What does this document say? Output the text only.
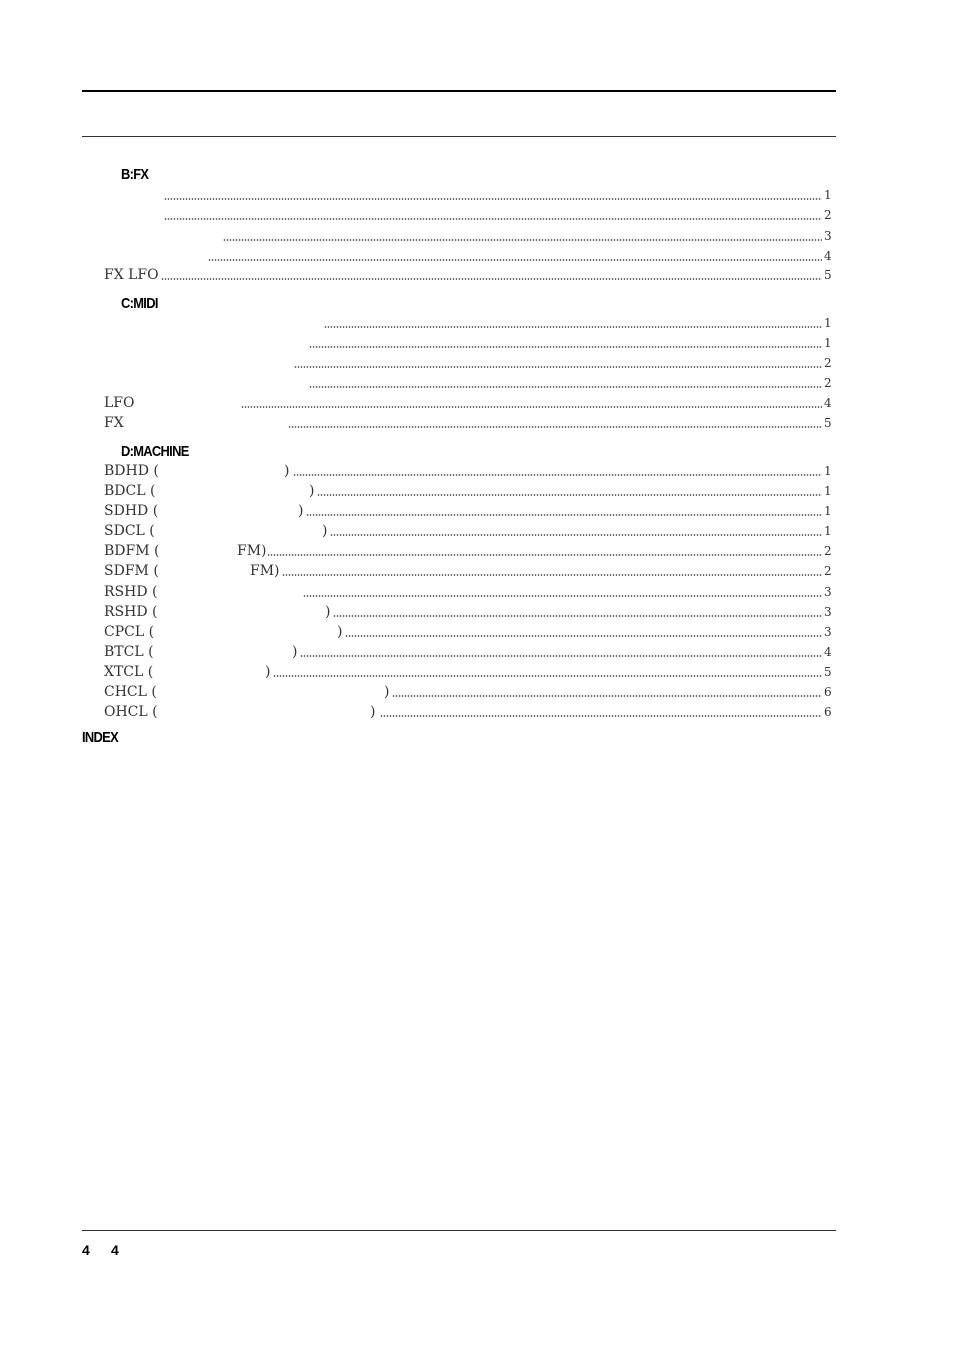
B:FX
1
2
3
4
FX LFO	5
C:MIDI
1
1
2
2
LFO	4
FX	5
D:MACHINE
BDHD (	)	1
BDCL (	)	1
SDHD (	)	1
SDCL (	)	1
BDFM (	FM)	2
SDFM (	FM)	2
RSHD (	3
RSHD (	)	3
CPCL (	)	3
BTCL (	)	4
XTCL (	)	5
CHCL (	)	6
OHCL (	)	6
INDEX
4 4
